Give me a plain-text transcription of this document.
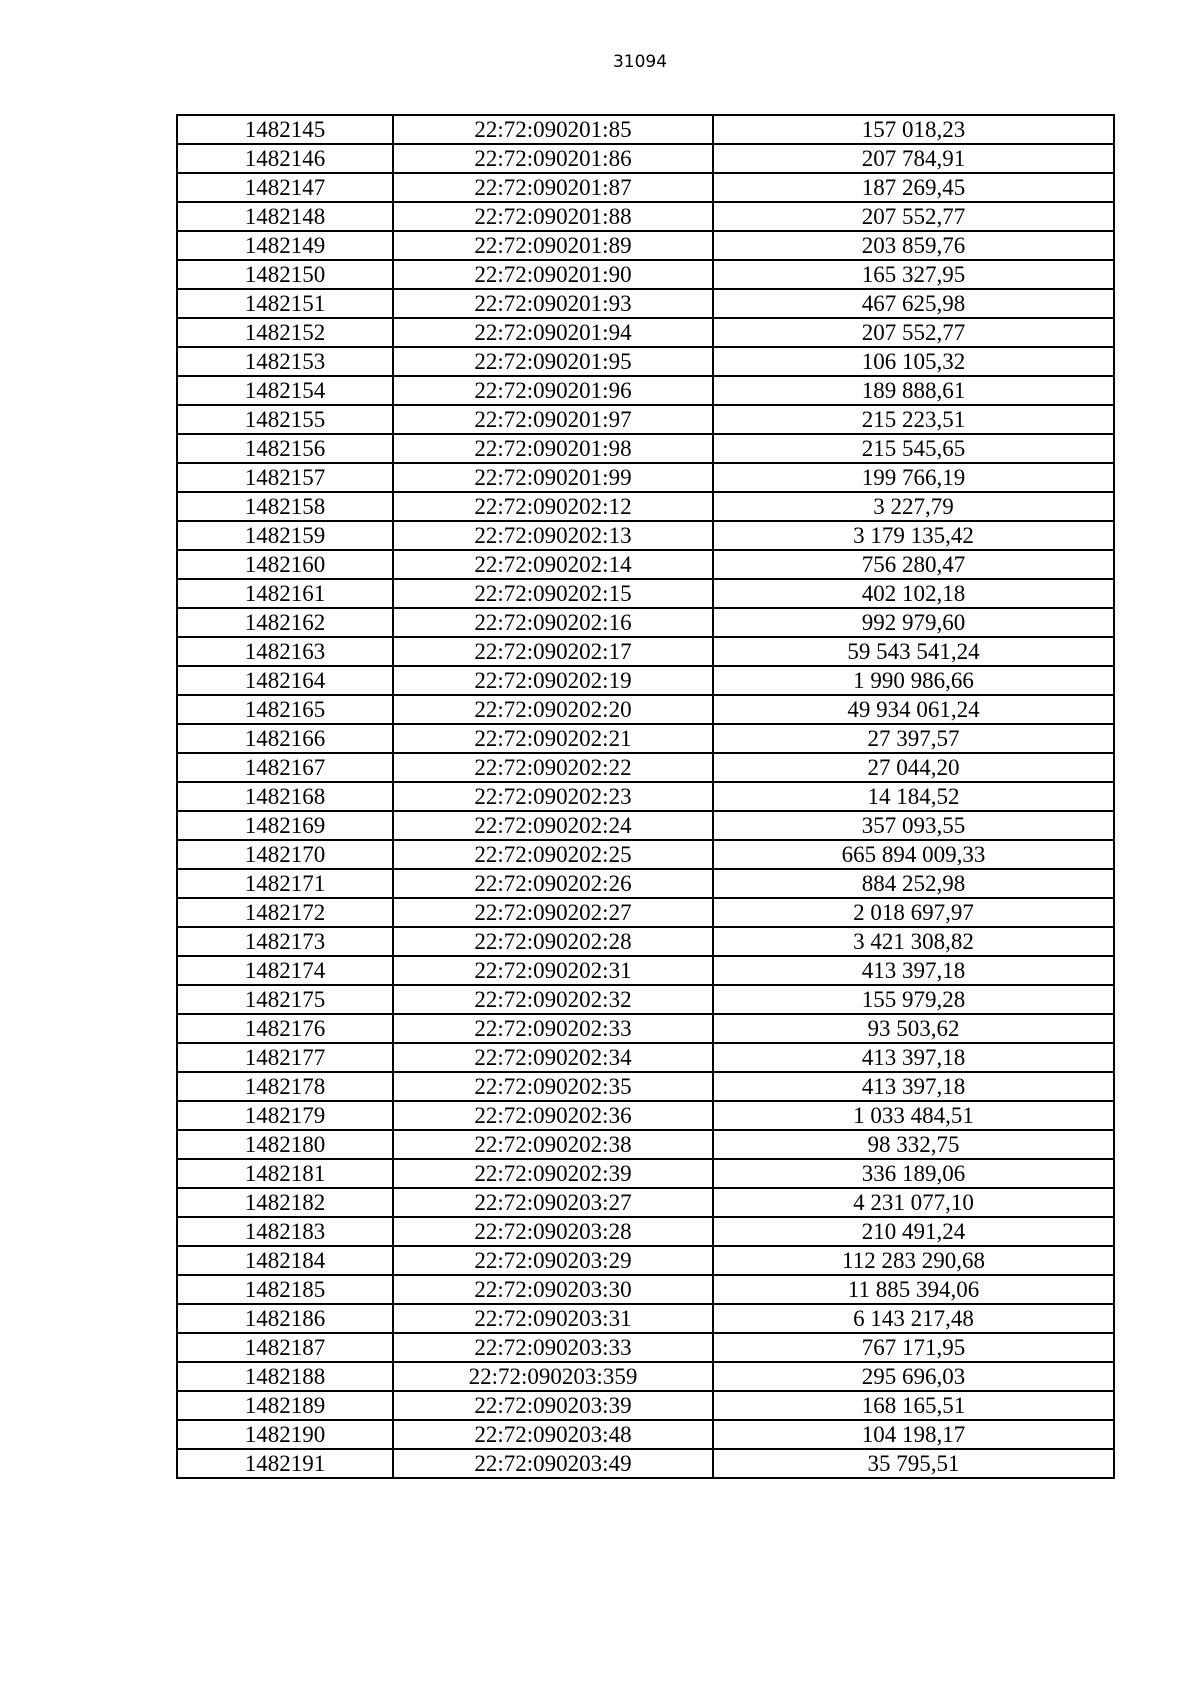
31094
1482145	22:72:090201:85	157 018,23
1482146	22:72:090201:86	207 784,91
1482147	22:72:090201:87	187 269,45
1482148	22:72:090201:88	207 552,77
1482149	22:72:090201:89	203 859,76
1482150	22:72:090201:90	165 327,95
1482151	22:72:090201:93	467 625,98
1482152	22:72:090201:94	207 552,77
1482153	22:72:090201:95	106 105,32
1482154	22:72:090201:96	189 888,61
1482155	22:72:090201:97	215 223,51
1482156	22:72:090201:98	215 545,65
1482157	22:72:090201:99	199 766,19
1482158	22:72:090202:12	3 227,79
1482159	22:72:090202:13	3 179 135,42
1482160	22:72:090202:14	756 280,47
1482161	22:72:090202:15	402 102,18
1482162	22:72:090202:16	992 979,60
1482163	22:72:090202:17	59 543 541,24
1482164	22:72:090202:19	1 990 986,66
1482165	22:72:090202:20	49 934 061,24
1482166	22:72:090202:21	27 397,57
1482167	22:72:090202:22	27 044,20
1482168	22:72:090202:23	14 184,52
1482169	22:72:090202:24	357 093,55
1482170	22:72:090202:25	665 894 009,33
1482171	22:72:090202:26	884 252,98
1482172	22:72:090202:27	2 018 697,97
1482173	22:72:090202:28	3 421 308,82
1482174	22:72:090202:31	413 397,18
1482175	22:72:090202:32	155 979,28
1482176	22:72:090202:33	93 503,62
1482177	22:72:090202:34	413 397,18
1482178	22:72:090202:35	413 397,18
1482179	22:72:090202:36	1 033 484,51
1482180	22:72:090202:38	98 332,75
1482181	22:72:090202:39	336 189,06
1482182	22:72:090203:27	4 231 077,10
1482183	22:72:090203:28	210 491,24
1482184	22:72:090203:29	112 283 290,68
1482185	22:72:090203:30	11 885 394,06
1482186	22:72:090203:31	6 143 217,48
1482187	22:72:090203:33	767 171,95
1482188	22:72:090203:359	295 696,03
1482189	22:72:090203:39	168 165,51
1482190	22:72:090203:48	104 198,17
1482191	22:72:090203:49	35 795,51
